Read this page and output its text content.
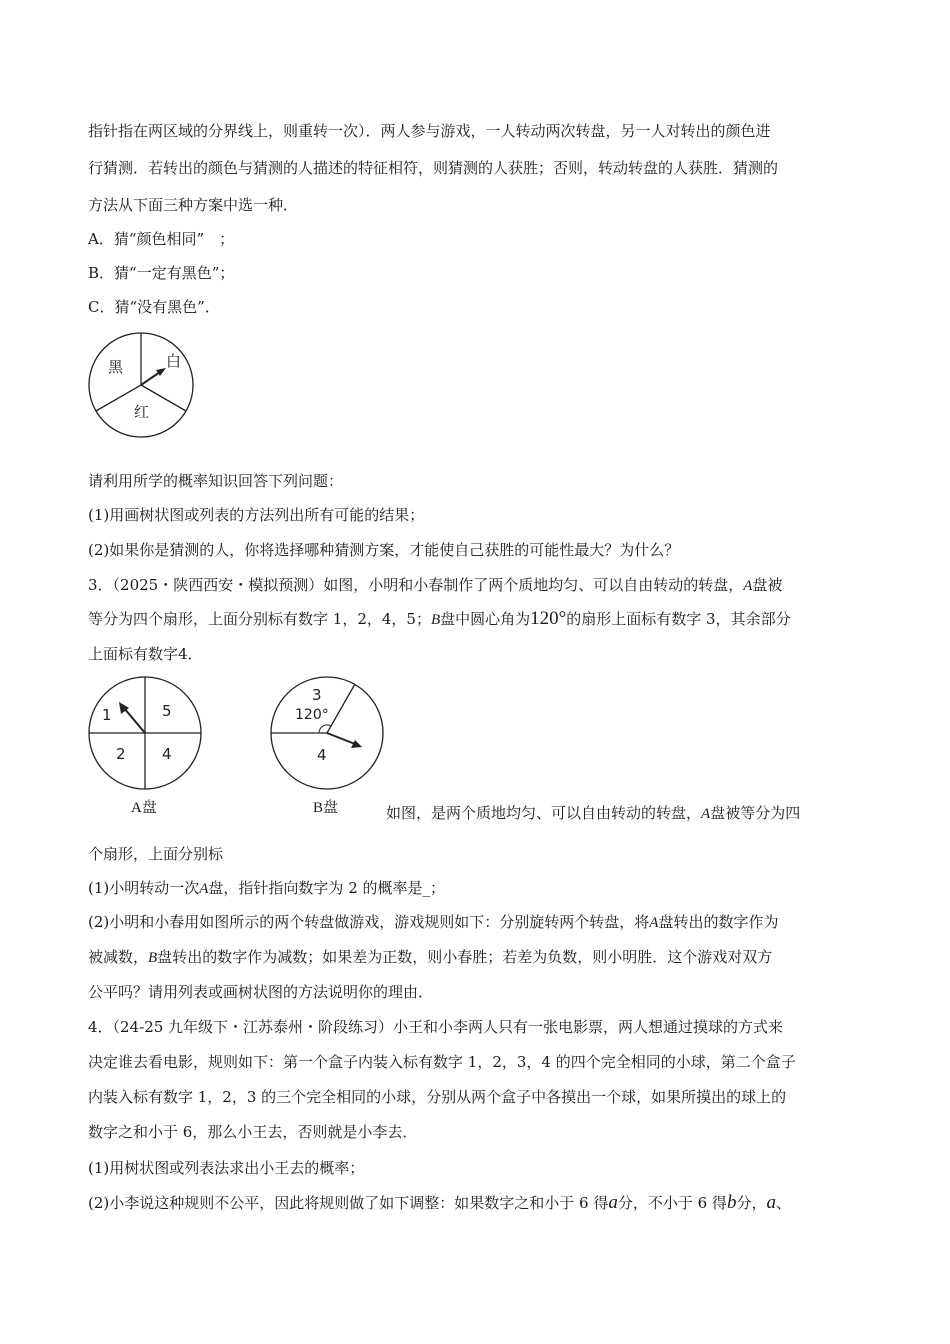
指针指在两区域的分界线上，则重转一次）．两人参与游戏，一人转动两次转盘，另一人对转出的颜色进
行猜测．若转出的颜色与猜测的人描述的特征相符，则猜测的人获胜；否则，转动转盘的人获胜．猜测的
方法从下面三种方案中选一种．
A．猜“颜色相同”　；
B．猜“一定有黑色”；
C．猜“没有黑色”．
黑	白
红
请利用所学的概率知识回答下列问题：
(1)用画树状图或列表的方法列出所有可能的结果；
(2)如果你是猜测的人，你将选择哪种猜测方案，才能使自己获胜的可能性最大？为什么？
3．（2025・陕西西安・模拟预测）如图，小明和小春制作了两个质地均匀、可以自由转动的转盘，A盘被
等分为四个扇形，上面分别标有数字 1，2，4，5；B盘中圆心角为120°的扇形上面标有数字 3，其余部分
上面标有数字4．
1	5
2 4
A盘
3
120°
4
B盘	如图，是两个质地均匀、可以自由转动的转盘，A盘被等分为四
个扇形，上面分别标
(1)小明转动一次A盘，指针指向数字为 2 的概率是_；
(2)小明和小春用如图所示的两个转盘做游戏，游戏规则如下：分别旋转两个转盘，将A盘转出的数字作为
被减数，B盘转出的数字作为减数；如果差为正数，则小春胜；若差为负数，则小明胜．这个游戏对双方
公平吗？请用列表或画树状图的方法说明你的理由．
4．（24-25 九年级下・江苏泰州・阶段练习）小王和小李两人只有一张电影票，两人想通过摸球的方式来
决定谁去看电影，规则如下：第一个盒子内装入标有数字 1，2，3，4 的四个完全相同的小球，第二个盒子
内装入标有数字 1，2，3 的三个完全相同的小球，分别从两个盒子中各摸出一个球，如果所摸出的球上的
数字之和小于 6，那么小王去，否则就是小李去．
(1)用树状图或列表法求出小王去的概率；
(2)小李说这种规则不公平，因此将规则做了如下调整：如果数字之和小于 6 得a分，不小于 6 得b分，a、
